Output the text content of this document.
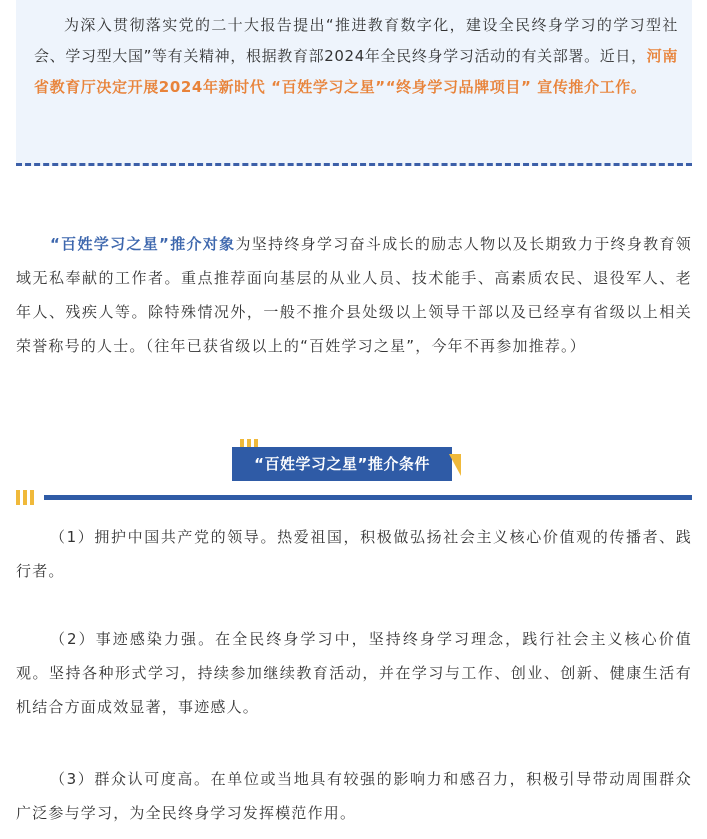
为深入贯彻落实党的二十大报告提出“推进教育数字化，建设全民终身学习的学习型社会、学习型大国”等有关精神，根据教育部2024年全民终身学习活动的有关部署。近日，河南省教育厅决定开展2024年新时代 “百姓学习之星”“终身学习品牌项目” 宣传推介工作。

“百姓学习之星”推介对象为坚持终身学习奋斗成长的励志人物以及长期致力于终身教育领域无私奉献的工作者。重点推荐面向基层的从业人员、技术能手、高素质农民、退役军人、老年人、残疾人等。除特殊情况外，一般不推介县处级以上领导干部以及已经享有省级以上相关荣誉称号的人士。（往年已获省级以上的“百姓学习之星”，今年不再参加推荐。）

“百姓学习之星”推介条件

（1）拥护中国共产党的领导。热爱祖国，积极做弘扬社会主义核心价值观的传播者、践行者。

（2）事迹感染力强。在全民终身学习中，坚持终身学习理念，践行社会主义核心价值观。坚持各种形式学习，持续参加继续教育活动，并在学习与工作、创业、创新、健康生活有机结合方面成效显著，事迹感人。

（3）群众认可度高。在单位或当地具有较强的影响力和感召力，积极引导带动周围群众广泛参与学习，为全民终身学习发挥模范作用。
